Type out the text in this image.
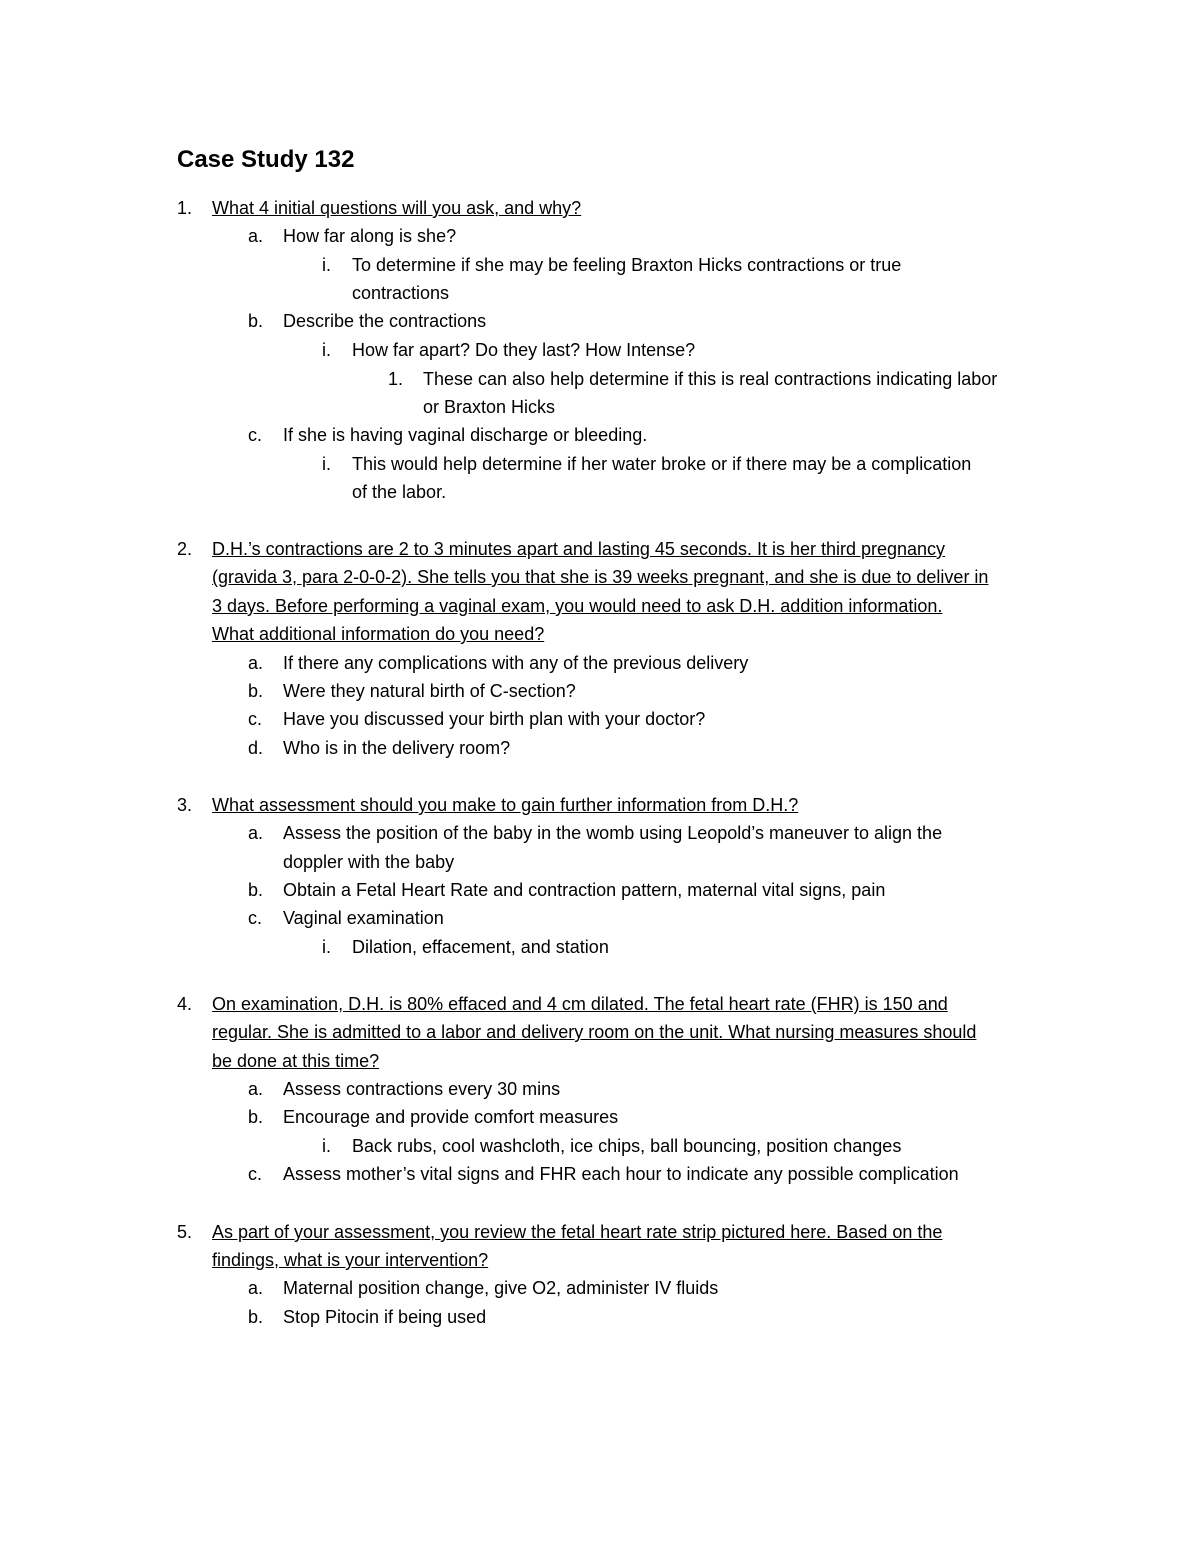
Case Study 132
1. What 4 initial questions will you ask, and why?
a. How far along is she?
i. To determine if she may be feeling Braxton Hicks contractions or true
contractions
b. Describe the contractions
i. How far apart? Do they last? How Intense?
1. These can also help determine if this is real contractions indicating labor
or Braxton Hicks
c. If she is having vaginal discharge or bleeding.
i. This would help determine if her water broke or if there may be a complication
of the labor.
2. D.H.’s contractions are 2 to 3 minutes apart and lasting 45 seconds. It is her third pregnancy
(gravida 3, para 2-0-0-2). She tells you that she is 39 weeks pregnant, and she is due to deliver in
3 days. Before performing a vaginal exam, you would need to ask D.H. addition information.
What additional information do you need?
a. If there any complications with any of the previous delivery
b. Were they natural birth of C-section?
c. Have you discussed your birth plan with your doctor?
d. Who is in the delivery room?
3. What assessment should you make to gain further information from D.H.?
a. Assess the position of the baby in the womb using Leopold’s maneuver to align the
doppler with the baby
b. Obtain a Fetal Heart Rate and contraction pattern, maternal vital signs, pain
c. Vaginal examination
i. Dilation, effacement, and station
4. On examination, D.H. is 80% effaced and 4 cm dilated. The fetal heart rate (FHR) is 150 and
regular. She is admitted to a labor and delivery room on the unit. What nursing measures should
be done at this time?
a. Assess contractions every 30 mins
b. Encourage and provide comfort measures
i. Back rubs, cool washcloth, ice chips, ball bouncing, position changes
c. Assess mother’s vital signs and FHR each hour to indicate any possible complication
5. As part of your assessment, you review the fetal heart rate strip pictured here. Based on the
findings, what is your intervention?
a. Maternal position change, give O2, administer IV fluids
b. Stop Pitocin if being used
